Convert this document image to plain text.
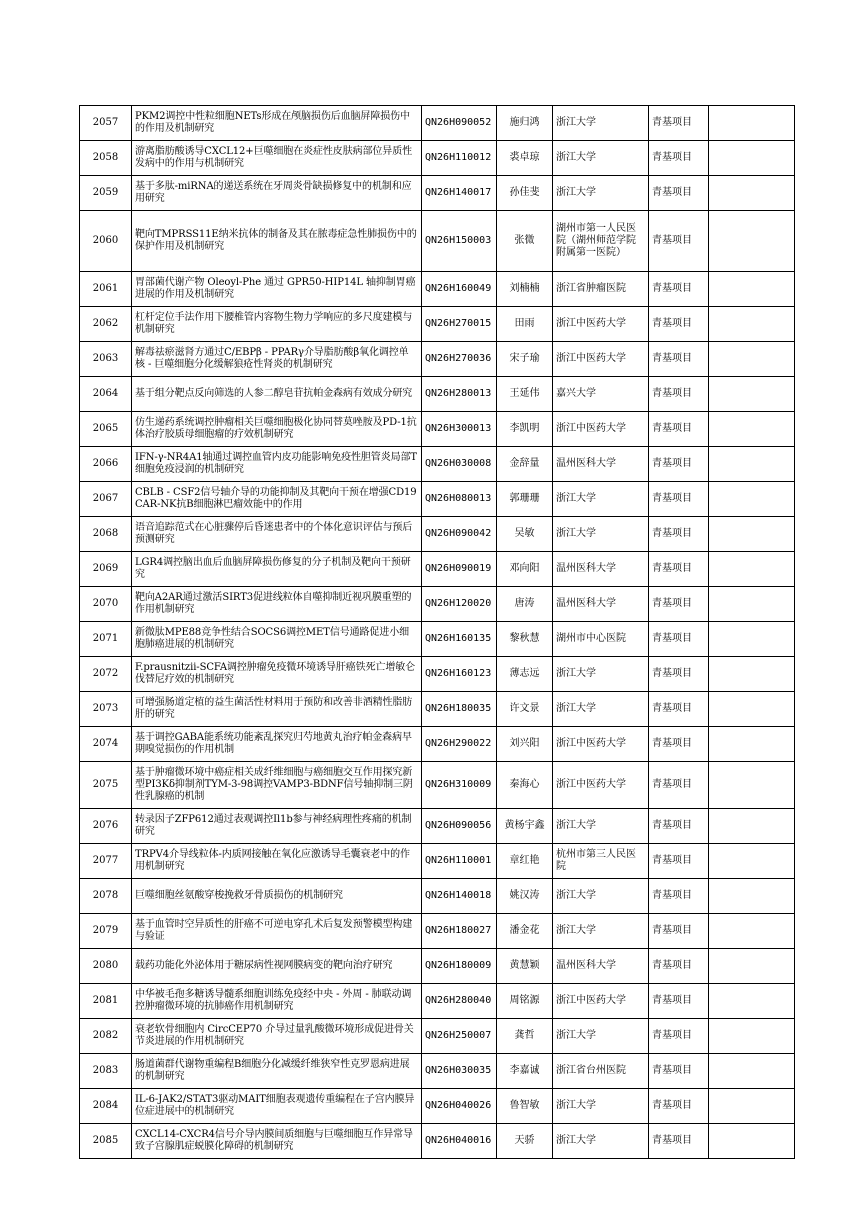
2057	PKM2调控中性粒细胞NETs形成在颅脑损伤后血脑屏障损伤中的作用及机制研究	QN26H090052	施归鸿	浙江大学	青基项目	
2058	游离脂肪酸诱导CXCL12+巨噬细胞在炎症性皮肤病部位异质性发病中的作用与机制研究	QN26H110012	裘卓琼	浙江大学	青基项目	
2059	基于多肽-miRNA的递送系统在牙周炎骨缺损修复中的机制和应用研究	QN26H140017	孙佳斐	浙江大学	青基项目	
2060	靶向TMPRSS11E纳米抗体的制备及其在脓毒症急性肺损伤中的保护作用及机制研究	QN26H150003	张微	湖州市第一人民医院（湖州师范学院附属第一医院）	青基项目	
2061	胃部菌代谢产物 Oleoyl-Phe 通过 GPR50-HIP14L 轴抑制胃癌进展的作用及机制研究	QN26H160049	刘楠楠	浙江省肿瘤医院	青基项目	
2062	杠杆定位手法作用下腰椎管内容物生物力学响应的多尺度建模与机制研究	QN26H270015	田雨	浙江中医药大学	青基项目	
2063	解毒祛瘀滋肾方通过C/EBPβ - PPARγ介导脂肪酸β氧化调控单核 - 巨噬细胞分化缓解狼疮性肾炎的机制研究	QN26H270036	宋子瑜	浙江中医药大学	青基项目	
2064	基于组分靶点反向筛选的人参二醇皂苷抗帕金森病有效成分研究	QN26H280013	王延伟	嘉兴大学	青基项目	
2065	仿生递药系统调控肿瘤相关巨噬细胞极化协同替莫唑胺及PD-1抗体治疗胶质母细胞瘤的疗效机制研究	QN26H300013	李凯明	浙江中医药大学	青基项目	
2066	IFN-γ-NR4A1轴通过调控血管内皮功能影响免疫性胆管炎局部T细胞免疫浸润的机制研究	QN26H030008	金辞量	温州医科大学	青基项目	
2067	CBLB - CSF2信号轴介导的功能抑制及其靶向干预在增强CD19 CAR-NK抗B细胞淋巴瘤效能中的作用	QN26H080013	郭珊珊	浙江大学	青基项目	
2068	语音追踪范式在心脏骤停后昏迷患者中的个体化意识评估与预后预测研究	QN26H090042	吴敏	浙江大学	青基项目	
2069	LGR4调控脑出血后血脑屏障损伤修复的分子机制及靶向干预研究	QN26H090019	邓向阳	温州医科大学	青基项目	
2070	靶向A2AR通过激活SIRT3促进线粒体自噬抑制近视巩膜重塑的作用机制研究	QN26H120020	唐涛	温州医科大学	青基项目	
2071	新微肽MPE88竞争性结合SOCS6调控MET信号通路促进小细胞肺癌进展的机制研究	QN26H160135	黎秋慧	湖州市中心医院	青基项目	
2072	F.prausnitzii-SCFA调控肿瘤免疫微环境诱导肝癌铁死亡增敏仑伐替尼疗效的机制研究	QN26H160123	薄志远	浙江大学	青基项目	
2073	可增强肠道定植的益生菌活性材料用于预防和改善非酒精性脂肪肝的研究	QN26H180035	许文景	浙江大学	青基项目	
2074	基于调控GABA能系统功能紊乱探究归芍地黄丸治疗帕金森病早期嗅觉损伤的作用机制	QN26H290022	刘兴阳	浙江中医药大学	青基项目	
2075	基于肿瘤微环境中癌症相关成纤维细胞与癌细胞交互作用探究新型PI3Kδ抑制剂TYM-3-98调控VAMP3-BDNF信号轴抑制三阴性乳腺癌的机制	QN26H310009	秦海心	浙江中医药大学	青基项目	
2076	转录因子ZFP612通过表观调控Il1b参与神经病理性疼痛的机制研究	QN26H090056	黄杨宇鑫	浙江大学	青基项目	
2077	TRPV4介导线粒体-内质网接触在氧化应激诱导毛囊衰老中的作用机制研究	QN26H110001	章红艳	杭州市第三人民医院	青基项目	
2078	巨噬细胞丝氨酸穿梭挽救牙骨质损伤的机制研究	QN26H140018	姚汉涛	浙江大学	青基项目	
2079	基于血管时空异质性的肝癌不可逆电穿孔术后复发预警模型构建与验证	QN26H180027	潘金花	浙江大学	青基项目	
2080	载药功能化外泌体用于糖尿病性视网膜病变的靶向治疗研究	QN26H180009	黄慧颖	温州医科大学	青基项目	
2081	中华被毛孢多糖诱导髓系细胞训练免疫经中央 - 外周 - 肺联动调控肿瘤微环境的抗肺癌作用机制研究	QN26H280040	周铭源	浙江中医药大学	青基项目	
2082	衰老软骨细胞内 CircCEP70 介导过量乳酸微环境形成促进骨关节炎进展的作用机制研究	QN26H250007	龚哲	浙江大学	青基项目	
2083	肠道菌群代谢物重编程B细胞分化减缓纤维狭窄性克罗恩病进展的机制研究	QN26H030035	李嘉诚	浙江省台州医院	青基项目	
2084	IL-6-JAK2/STAT3驱动MAIT细胞表观遗传重编程在子宫内膜异位症进展中的机制研究	QN26H040026	鲁智敏	浙江大学	青基项目	
2085	CXCL14-CXCR4信号介导内膜间质细胞与巨噬细胞互作异常导致子宫腺肌症蜕膜化障碍的机制研究	QN26H040016	天骄	浙江大学	青基项目	
